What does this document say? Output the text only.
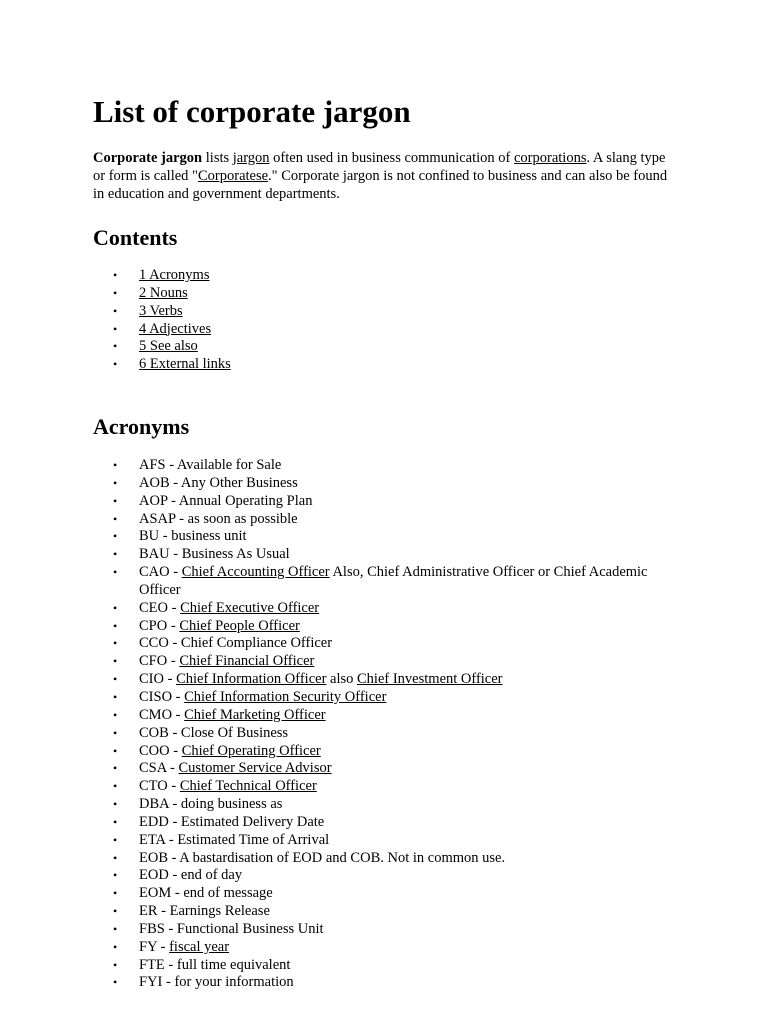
List of corporate jargon

Corporate jargon lists jargon often used in business communication of corporations. A slang type or form is called "Corporatese." Corporate jargon is not confined to business and can also be found in education and government departments.

Contents
• 1 Acronyms
• 2 Nouns
• 3 Verbs
• 4 Adjectives
• 5 See also
• 6 External links
Acronyms
• AFS - Available for Sale
• AOB - Any Other Business
• AOP - Annual Operating Plan
• ASAP - as soon as possible
• BU - business unit
• BAU - Business As Usual
• CAO - Chief Accounting Officer Also, Chief Administrative Officer or Chief Academic Officer
• CEO - Chief Executive Officer
• CPO - Chief People Officer
• CCO - Chief Compliance Officer
• CFO - Chief Financial Officer
• CIO - Chief Information Officer also Chief Investment Officer
• CISO - Chief Information Security Officer
• CMO - Chief Marketing Officer
• COB - Close Of Business
• COO - Chief Operating Officer
• CSA - Customer Service Advisor
• CTO - Chief Technical Officer
• DBA - doing business as
• EDD - Estimated Delivery Date
• ETA - Estimated Time of Arrival
• EOB - A bastardisation of EOD and COB. Not in common use.
• EOD - end of day
• EOM - end of message
• ER - Earnings Release
• FBS - Functional Business Unit
• FY - fiscal year
• FTE - full time equivalent
• FYI - for your information
